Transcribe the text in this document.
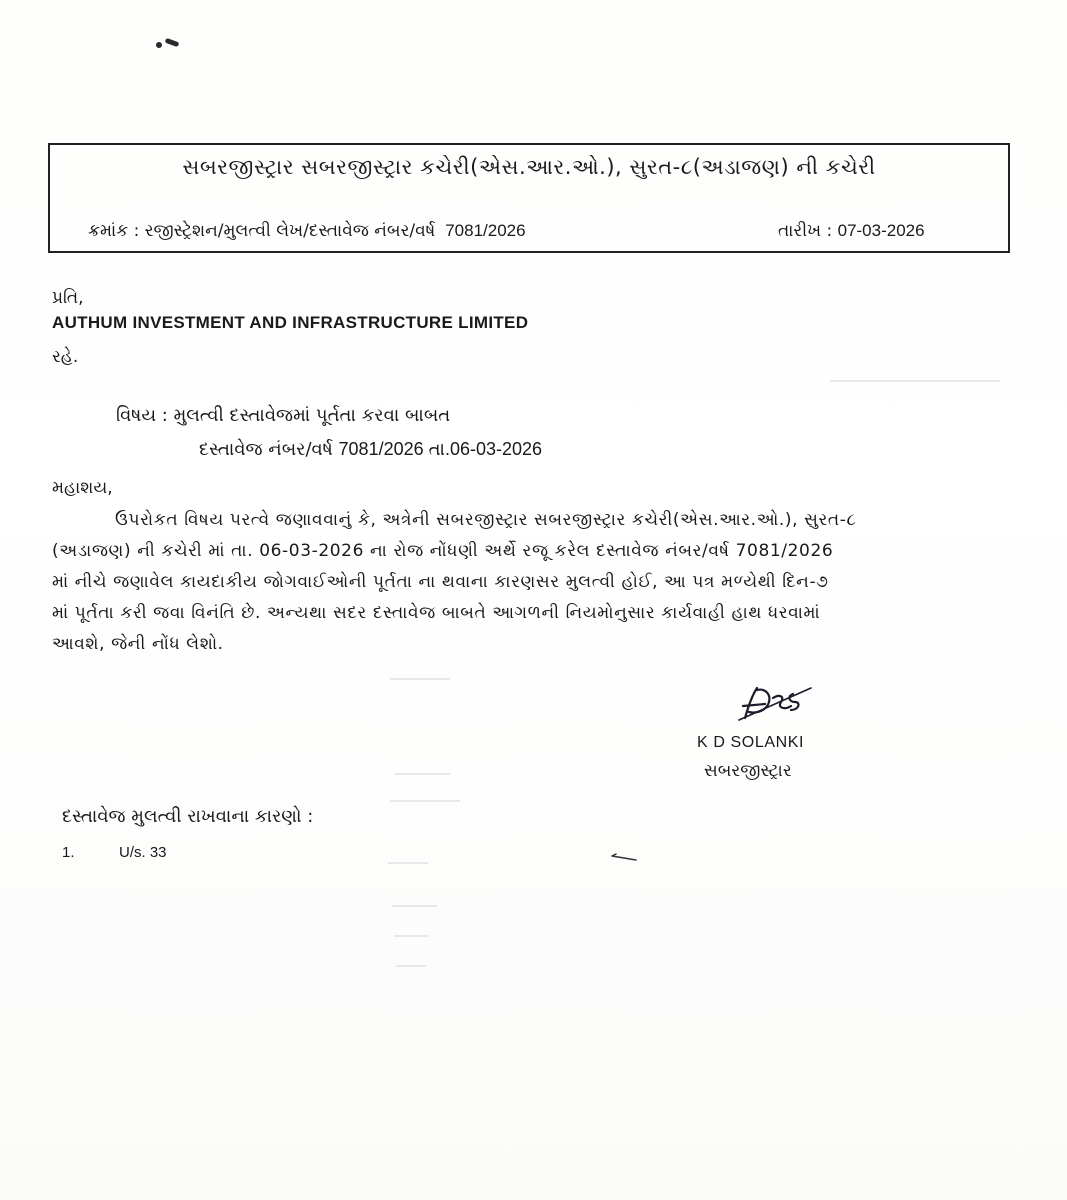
સબરજીસ્ટ્રાર સબરજીસ્ટ્રાર કચેરી(એસ.આર.ઓ.), સુરત-૮(અડાજણ) ની કચેરી
ક્રમાંક : રજીસ્ટ્રેશન/મુલત્વી લેખ/દસ્તાવેજ નંબર/વર્ષ 7081/2026	તારીખ : 07-03-2026
પ્રતિ,
AUTHUM INVESTMENT AND INFRASTRUCTURE LIMITED
રહે.
વિષય : મુલત્વી દસ્તાવેજમાં પૂર્તતા કરવા બાબત
દસ્તાવેજ નંબર/વર્ષ 7081/2026 તા.06-03-2026
મહાશય,
ઉપરોકત વિષય પરત્વે જણાવવાનું કે, અત્રેની સબરજીસ્ટ્રાર સબરજીસ્ટ્રાર કચેરી(એસ.આર.ઓ.), સુરત-૮
(અડાજણ) ની કચેરી માં તા. 06-03-2026 ના રોજ નોંધણી અર્થે રજૂ કરેલ દસ્તાવેજ નંબર/વર્ષ 7081/2026
માં નીચે જણાવેલ કાયદાકીય જોગવાઈઓની પૂર્તતા ના થવાના કારણસર મુલત્વી હોઈ, આ પત્ર મળ્યેથી દિન-૭
માં પૂર્તતા કરી જવા વિનંતિ છે. અન્યથા સદર દસ્તાવેજ બાબતે આગળની નિયમોનુસાર કાર્યવાહી હાથ ધરવામાં
આવશે, જેની નોંધ લેશો.
K D SOLANKI
સબરજીસ્ટ્રાર
દસ્તાવેજ મુલત્વી રાખવાના કારણો :
1.	U/s. 33
